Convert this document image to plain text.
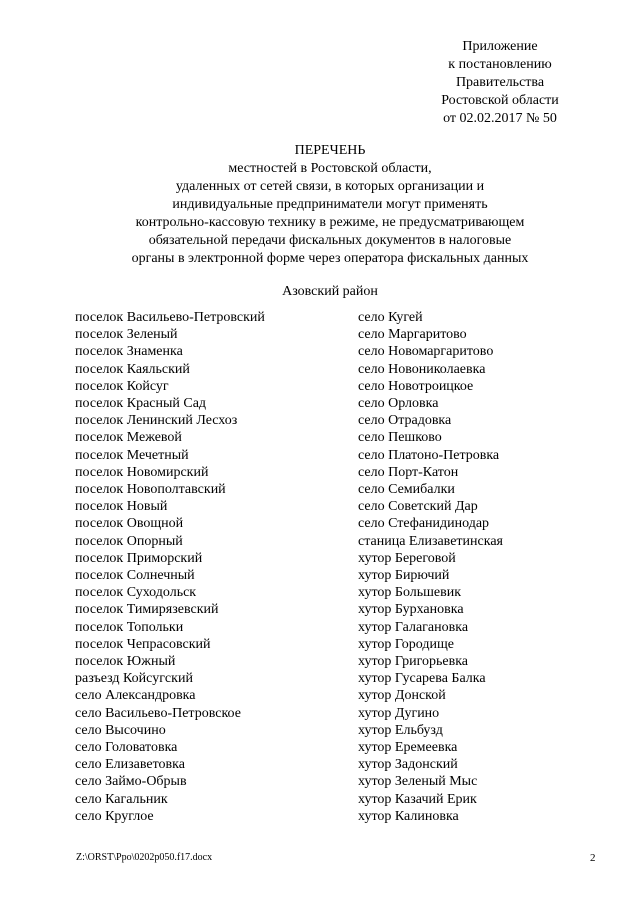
Приложение
к постановлению
Правительства
Ростовской области
от 02.02.2017 № 50
ПЕРЕЧЕНЬ
местностей в Ростовской области,
удаленных от сетей связи, в которых организации и
индивидуальные предприниматели могут применять
контрольно-кассовую технику в режиме, не предусматривающем
обязательной передачи фискальных документов в налоговые
органы в электронной форме через оператора фискальных данных
Азовский район
поселок Васильево-Петровский
поселок Зеленый
поселок Знаменка
поселок Каяльский
поселок Койсуг
поселок Красный Сад
поселок Ленинский Лесхоз
поселок Межевой
поселок Мечетный
поселок Новомирский
поселок Новополтавский
поселок Новый
поселок Овощной
поселок Опорный
поселок Приморский
поселок Солнечный
поселок Суходольск
поселок Тимирязевский
поселок Топольки
поселок Чепрасовский
поселок Южный
разъезд Койсугский
село Александровка
село Васильево-Петровское
село Высочино
село Головатовка
село Елизаветовка
село Займо-Обрыв
село Кагальник
село Круглое
село Кугей
село Маргаритово
село Новомаргаритово
село Новониколаевка
село Новотроицкое
село Орловка
село Отрадовка
село Пешково
село Платоно-Петровка
село Порт-Катон
село Семибалки
село Советский Дар
село Стефанидинодар
станица Елизаветинская
хутор Береговой
хутор Бирючий
хутор Большевик
хутор Бурхановка
хутор Галагановка
хутор Городище
хутор Григорьевка
хутор Гусарева Балка
хутор Донской
хутор Дугино
хутор Ельбузд
хутор Еремеевка
хутор Задонский
хутор Зеленый Мыс
хутор Казачий Ерик
хутор Калиновка
Z:\ORST\Ppo\0202p050.f17.docx	2
